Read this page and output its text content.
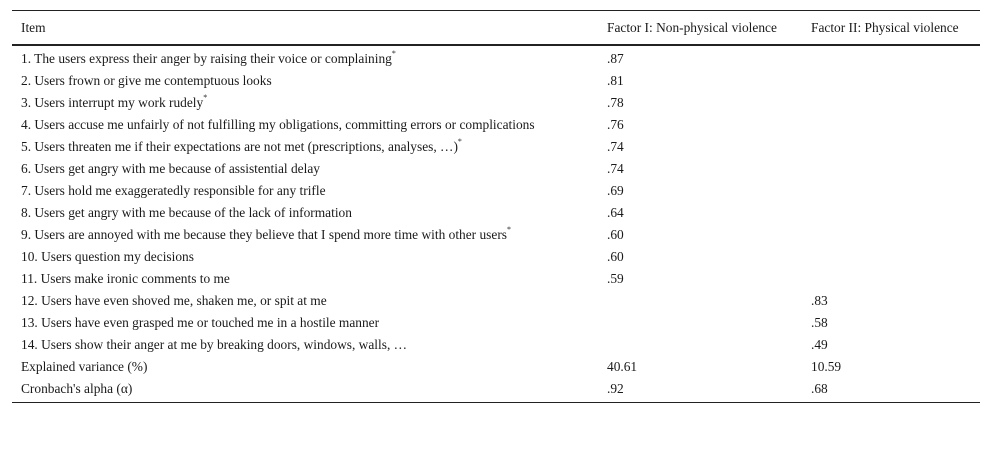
Item	Factor I: Non-physical violence	Factor II: Physical violence
1. The users express their anger by raising their voice or complaining*	.87	
2. Users frown or give me contemptuous looks	.81	
3. Users interrupt my work rudely*	.78	
4. Users accuse me unfairly of not fulfilling my obligations, committing errors or complications	.76	
5. Users threaten me if their expectations are not met (prescriptions, analyses, …)*	.74	
6. Users get angry with me because of assistential delay	.74	
7. Users hold me exaggeratedly responsible for any trifle	.69	
8. Users get angry with me because of the lack of information	.64	
9. Users are annoyed with me because they believe that I spend more time with other users*	.60	
10. Users question my decisions	.60	
11. Users make ironic comments to me	.59	
12. Users have even shoved me, shaken me, or spit at me		.83
13. Users have even grasped me or touched me in a hostile manner		.58
14. Users show their anger at me by breaking doors, windows, walls, …		.49
Explained variance (%)	40.61	10.59
Cronbach's alpha (α)	.92	.68
